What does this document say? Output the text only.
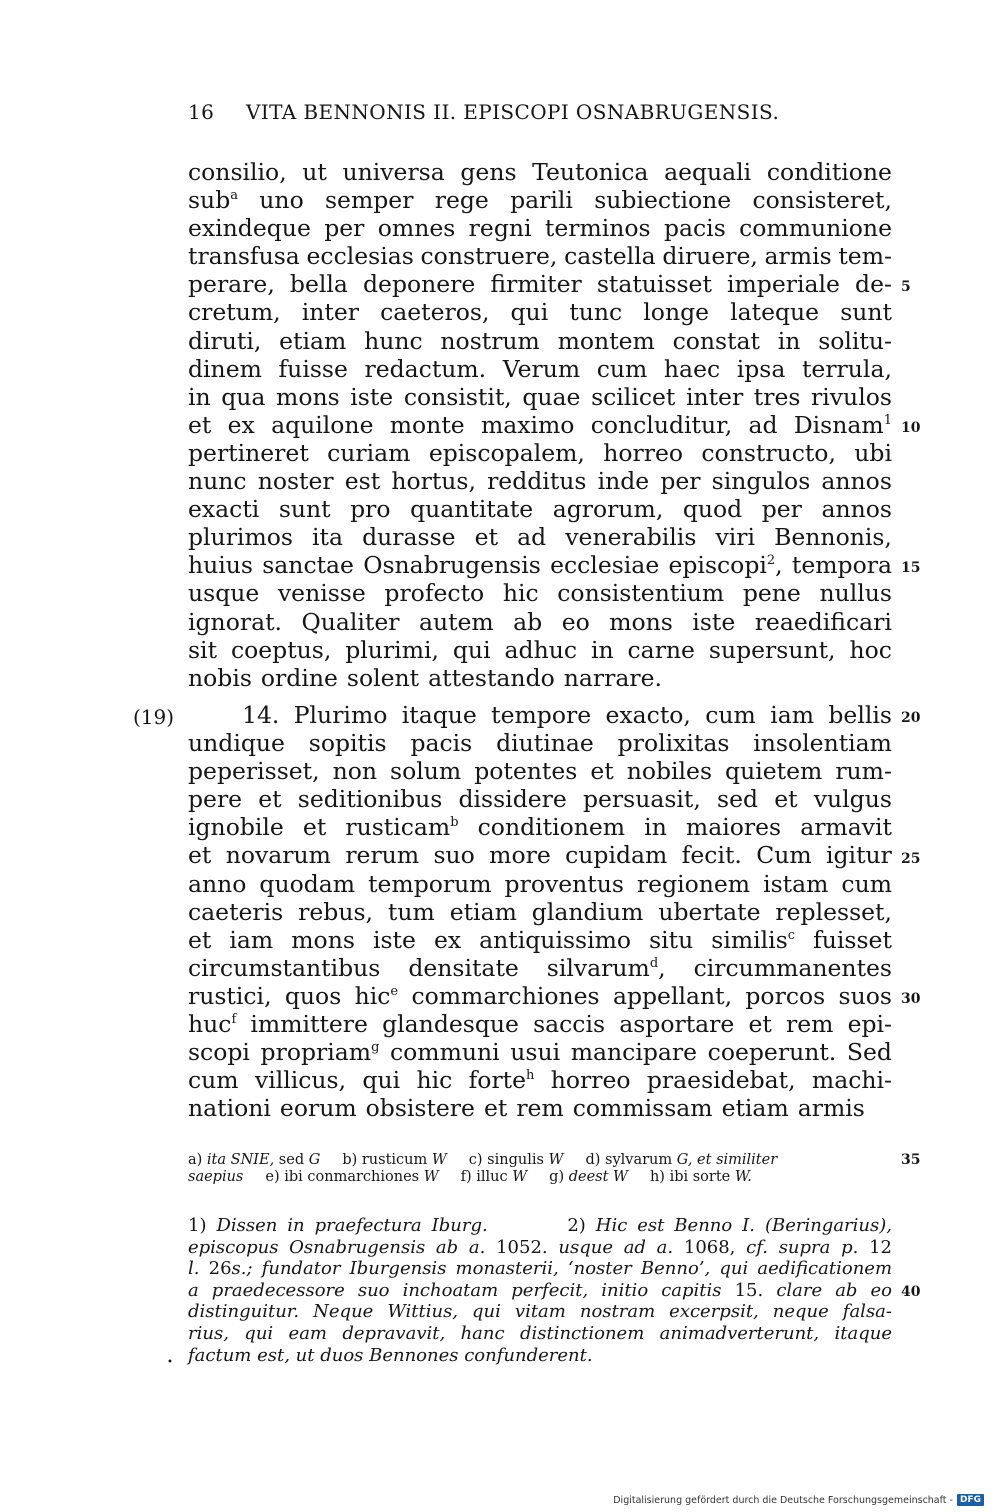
16 VITA BENNONIS II. EPISCOPI OSNABRUGENSIS.
consilio, ut universa gens Teutonica aequali conditione
sub$^a$ uno semper rege parili subiectione consisteret,
exindeque per omnes regni terminos pacis communione
transfusa ecclesias construere, castella diruere, armis tem-
perare, bella deponere firmiter statuisset imperiale de-
cretum, inter caeteros, qui tunc longe lateque sunt
diruti, etiam hunc nostrum montem constat in solitu-
dinem fuisse redactum. Verum cum haec ipsa terrula,
in qua mons iste consistit, quae scilicet inter tres rivulos
et ex aquilone monte maximo concluditur, ad Disnam$^1$
pertineret curiam episcopalem, horreo constructo, ubi
nunc noster est hortus, redditus inde per singulos annos
exacti sunt pro quantitate agrorum, quod per annos
plurimos ita durasse et ad venerabilis viri Bennonis,
huius sanctae Osnabrugensis ecclesiae episcopi$^2$, tempora
usque venisse profecto hic consistentium pene nullus
ignorat. Qualiter autem ab eo mons iste reaedificari
sit coeptus, plurimi, qui adhuc in carne supersunt, hoc
nobis ordine solent attestando narrare.
(19)	14. Plurimo itaque tempore exacto, cum iam bellis
undique sopitis pacis diutinae prolixitas insolentiam
peperisset, non solum potentes et nobiles quietem rum-
pere et seditionibus dissidere persuasit, sed et vulgus
ignobile et rusticam$^b$ conditionem in maiores armavit
et novarum rerum suo more cupidam fecit. Cum igitur
anno quodam temporum proventus regionem istam cum
caeteris rebus, tum etiam glandium ubertate replesset,
et iam mons iste ex antiquissimo situ similis$^c$ fuisset
circumstantibus densitate silvarum$^d$, circummanentes
rustici, quos hic$^e$ commarchiones appellant, porcos suos
huc$^f$ immittere glandesque saccis asportare et rem epi-
scopi propriam$^g$ communi usui mancipare coeperunt. Sed
cum villicus, qui hic forte$^h$ horreo praesidebat, machi-
nationi eorum obsistere et rem commissam etiam armis
5
10
15
20
25
30
40
a) ita SNIE, sed G b) rusticum W c) singulis W d) sylvarum G, et similiter
saepius e) ibi conmarchiones W f) illuc W g) deest W h) ibi sorte W.
35
1) Dissen in praefectura Iburg.        2) Hic est Benno I. (Beringarius),
episcopus Osnabrugensis ab a. 1052. usque ad a. 1068, cf. supra p. 12
l. 26s.; fundator Iburgensis monasterii, ‘noster Benno’, qui aedificationem
a praedecessore suo inchoatam perfecit, initio capitis 15. clare ab eo
distinguitur. Neque Wittius, qui vitam nostram excerpsit, neque falsa-
rius, qui eam depravavit, hanc distinctionem animadverterunt, itaque
factum est, ut duos Bennones confunderent.
•
Digitalisierung gefördert durch die Deutsche Forschungsgemeinschaft - DFG
